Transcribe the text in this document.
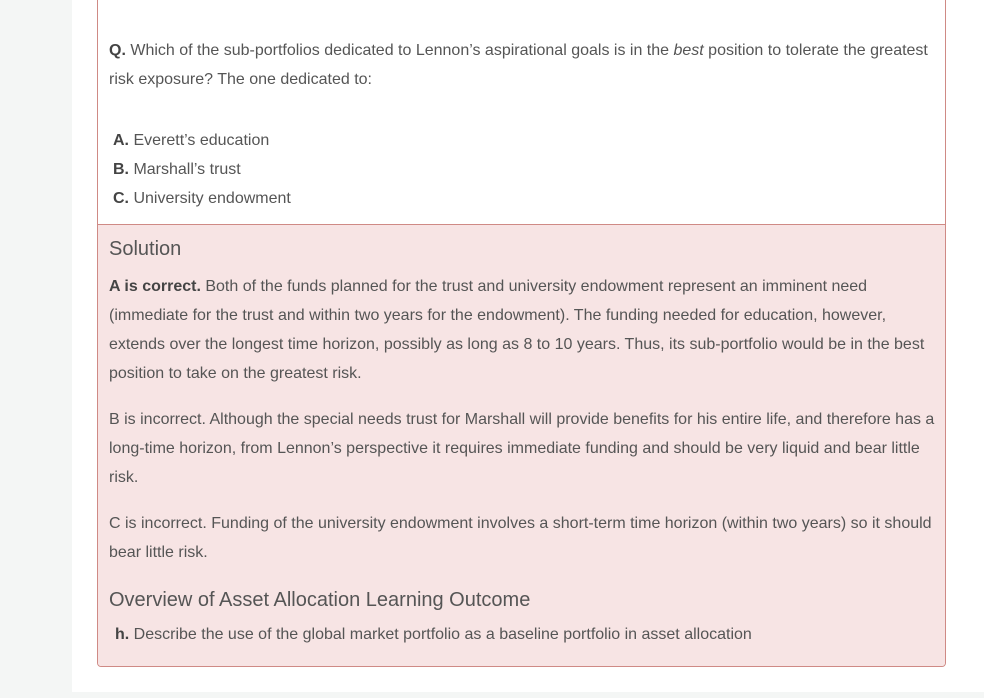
Q. Which of the sub-portfolios dedicated to Lennon’s aspirational goals is in the best position to tolerate the greatest risk exposure? The one dedicated to:
A. Everett’s education
B. Marshall’s trust
C. University endowment
Solution

A is correct. Both of the funds planned for the trust and university endowment represent an imminent need (immediate for the trust and within two years for the endowment). The funding needed for education, however, extends over the longest time horizon, possibly as long as 8 to 10 years. Thus, its sub-portfolio would be in the best position to take on the greatest risk.

B is incorrect. Although the special needs trust for Marshall will provide benefits for his entire life, and therefore has a long-time horizon, from Lennon’s perspective it requires immediate funding and should be very liquid and bear little risk.

C is incorrect. Funding of the university endowment involves a short-term time horizon (within two years) so it should bear little risk.

Overview of Asset Allocation Learning Outcome
h. Describe the use of the global market portfolio as a baseline portfolio in asset allocation
